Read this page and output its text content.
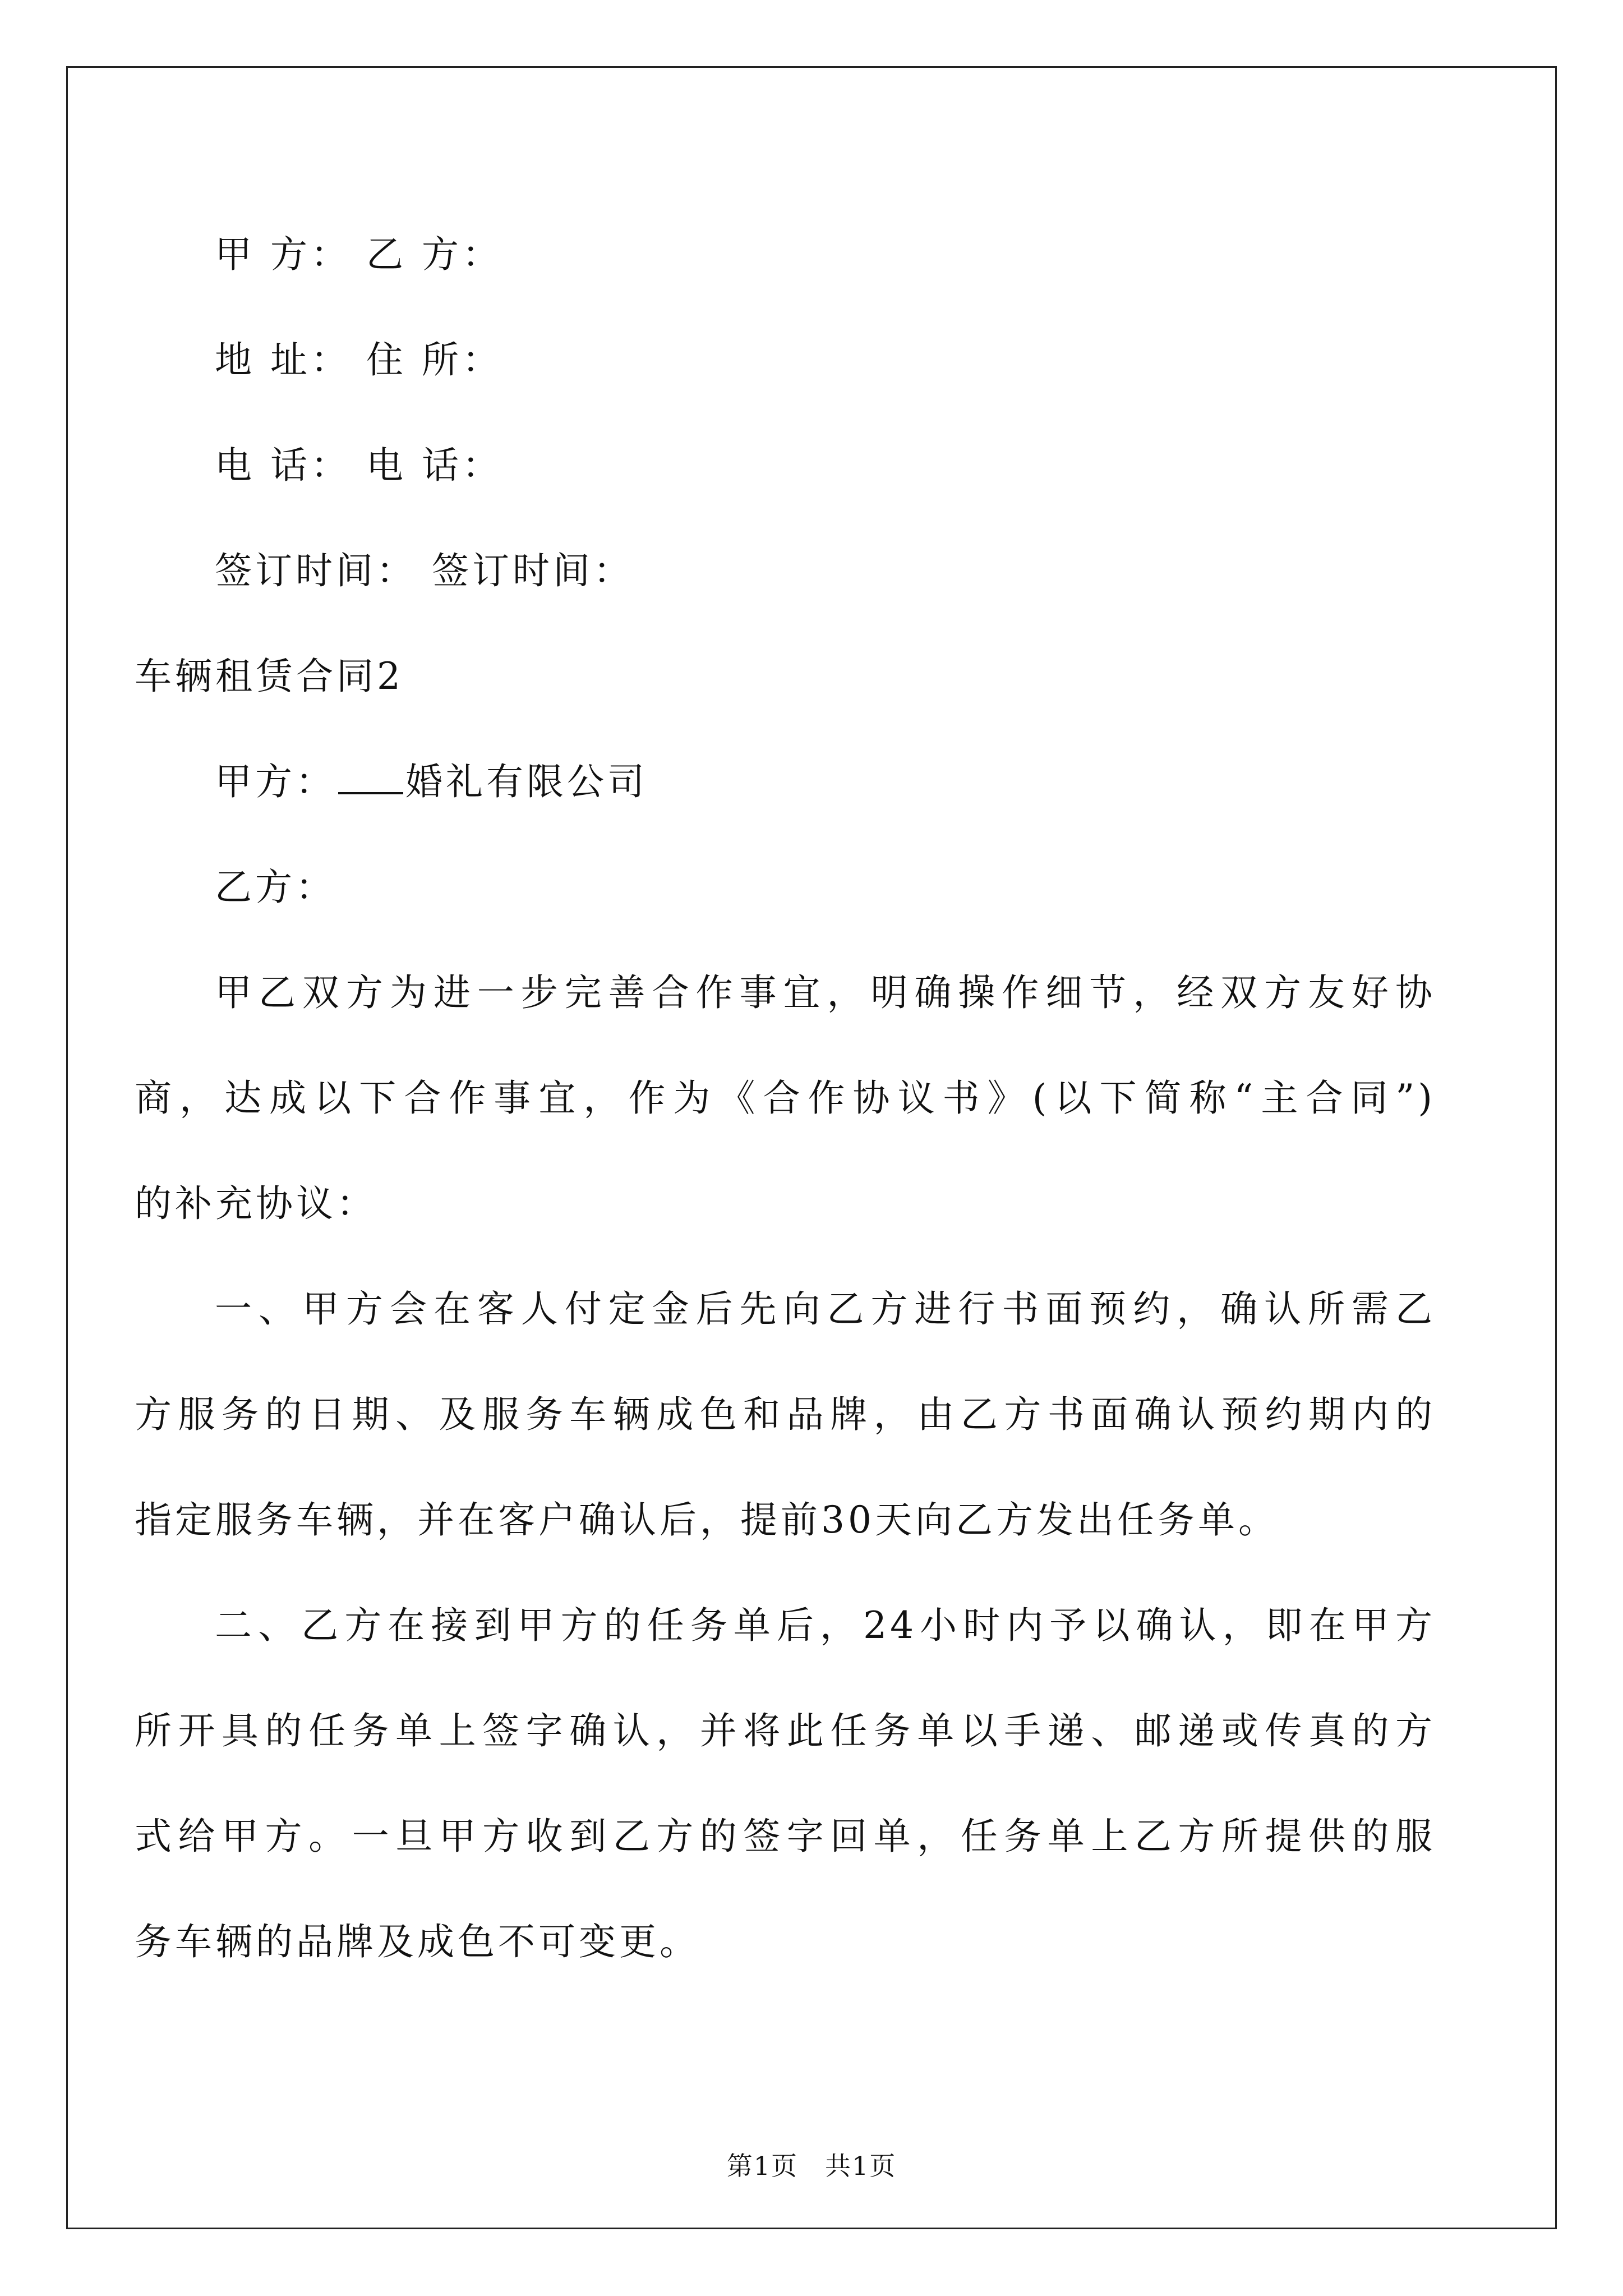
甲 方： 乙 方：
地 址： 住 所：
电 话： 电 话：
签订时间： 签订时间：
车辆租赁合同2
甲方： 婚礼有限公司
乙方：
甲乙双方为进一步完善合作事宜，明确操作细节，经双方友好协
商，达成以下合作事宜，作为《合作协议书》(以下简称“主合同”)
的补充协议：
一、甲方会在客人付定金后先向乙方进行书面预约，确认所需乙
方服务的日期、及服务车辆成色和品牌，由乙方书面确认预约期内的
指定服务车辆，并在客户确认后，提前30天向乙方发出任务单。
二、乙方在接到甲方的任务单后，24小时内予以确认，即在甲方
所开具的任务单上签字确认，并将此任务单以手递、邮递或传真的方
式给甲方。一旦甲方收到乙方的签字回单，任务单上乙方所提供的服
务车辆的品牌及成色不可变更。
第1页　共1页
